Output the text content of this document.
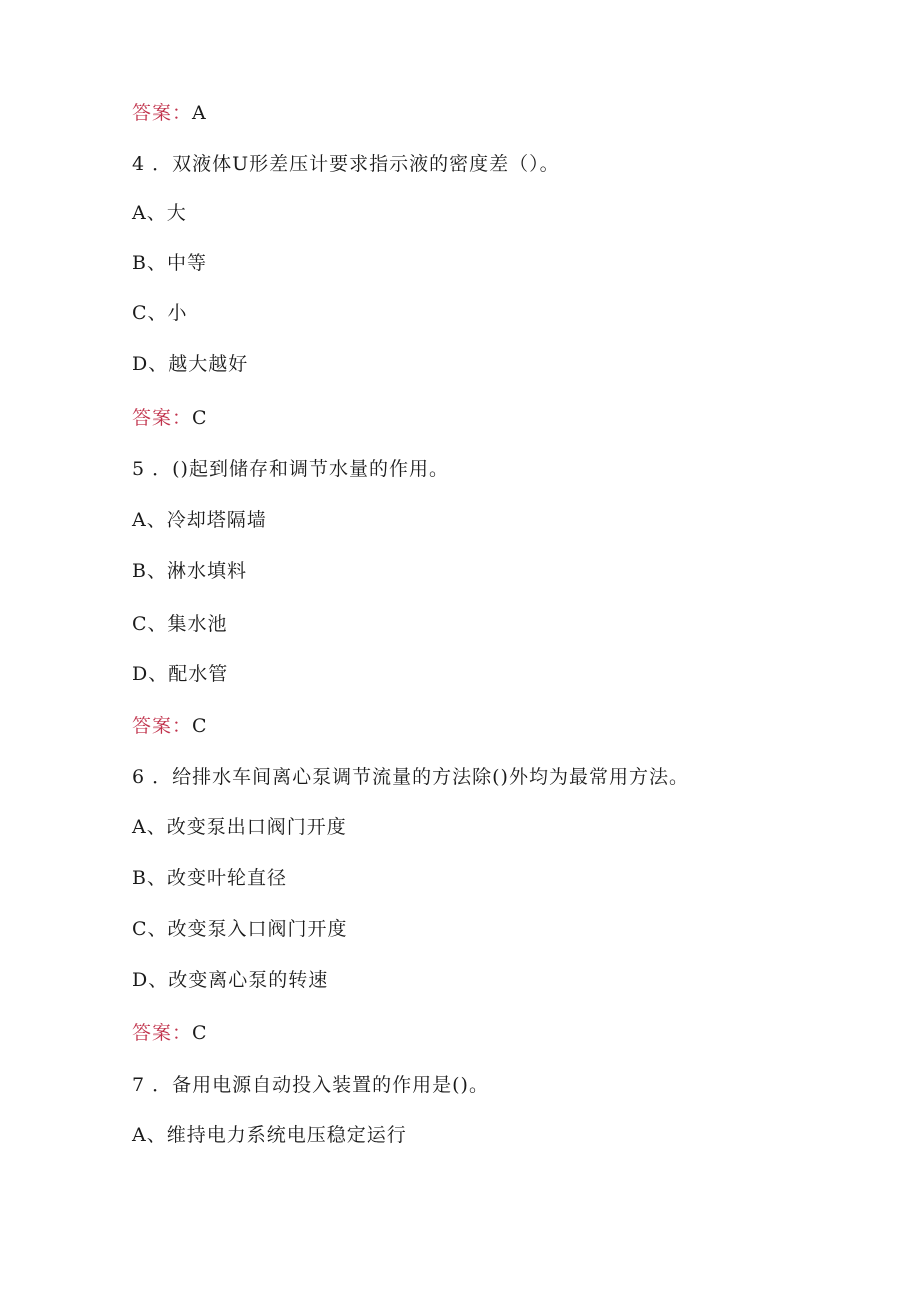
答案：A
4 ．双液体U形差压计要求指示液的密度差（）。
A、大
B、中等
C、小
D、越大越好
答案：C
5 ．()起到储存和调节水量的作用。
A、冷却塔隔墙
B、淋水填料
C、集水池
D、配水管
答案：C
6 ．给排水车间离心泵调节流量的方法除()外均为最常用方法。
A、改变泵出口阀门开度
B、改变叶轮直径
C、改变泵入口阀门开度
D、改变离心泵的转速
答案：C
7 ．备用电源自动投入装置的作用是()。
A、维持电力系统电压稳定运行
